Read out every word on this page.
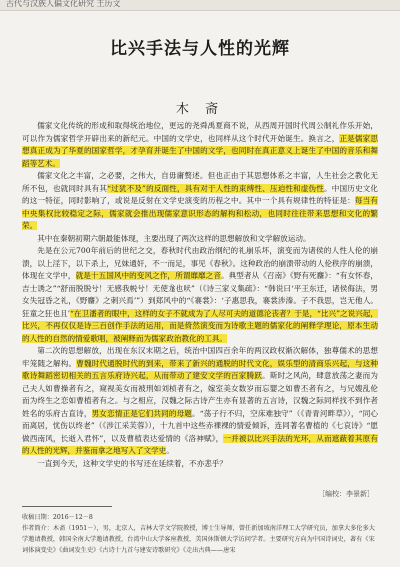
古代与汉族人偏文化研究 王历文
比兴手法与人性的光辉
木 斋

儒家文化传统的形成和取得统治地位，更远的尧舜禹夏商不说，从西周开国时代周公制礼作乐开始，可以作为儒家哲学开辟出来的新纪元。中国的文学史，也同样从这个时代开始诞生。换言之，正是儒家思想真正成为了华夏的国家哲学，才孕育并诞生了中国的文学，也同时在真正意义上诞生了中国的音乐和舞蹈等艺术。

儒家文化之丰富，之必要，之伟大，自毋庸赘述。但也正由于其思想体系之丰富，人生社会之教化无所不包，也就同时具有其“过犹不及”的反面性，具有对于人性的束缚性、压迫性和虚伪性。中国历史文化的这一特征，同时影响了，或说是反射在文学史演变的历程之中。其中一个具有规律性的特征是：每当有中央集权比较稳定之际，儒家就会推出现儒家意识形态的解构和松动，也同时往往带来思想和文化的繁荣。

其中在秦朝初期六朝最能体现，主要出现了两次这样的思想解放和文学解放运动。

先是在公元700年前后的世纪之交，春秋时代由政治纲纪的礼崩乐坏，演变而为诸侯的人性人伦的崩溃，以上淫下，以下杀上，兄妹通奸，不一而足，事见《春秋》。这种政治的崩溃带动的人伦秩序的崩溃，体现在文学中，就是十五国风中的变风之作，所谓靡靡之音。典型者从《召南》《野有死麕》：“有女怀春，吉士诱之”“舒而脱脱兮！无感我帨兮！无使尨也吠”（《诗三家义集疏》：“韩说曰‘平王东迁，诸侯侮法，男女失冠昏之礼，《野麕》之刺兴焉’”）到郑风中的“《褰裳》：‘子惠思我，褰裳涉溱。子不我思，岂无他人。狂童之狂也且’“在卫潘者的眼中，这样的女子不就成为了人尽可夫的道德沦丧者？于是，“比兴”之说兴起，比兴，不再仅仅是诗三百创作手法的运用，而是倚然演变而为诗歌主题的儒家化的阐释学理论，原本生动的人性的自然的情爱歌唱，被阐释而为儒家政治教化的工具。

第二次的思想解放，出现在东汉末期之后，统治中国四百余年的两汉政权渐次解体，独尊儒术的思想牢笼随之解构。曹魏时代通脱时代的到来，带来了新兴的通脱的时代文化，娱乐型的清商乐兴起，与这种歌诗舞蹈密切相关的五言乐府诗兴起，从而带动了建安文学的百家腾跃。斯时之风尚，肆意放荡之妻而为己夫人如曹操者有之，窥视美女而被刑如刘桢者有之，嫁室美女数岁而忘婴之如曹丕者有之，与兄嫂乱伦而为终生之恋如曹植者有之。与之相应，汉魏之际古诗产生亦有显著的五言诗，汉魏之际同样找不到作者姓名的乐府古直诗，男女恋情正是它们共同的母题。“荡子行不归，空床难独守”（《青青河畔草》），“同心而离居，忧伤以终老”（《涉江采芙蓉》），十九首中这些赤裸裸的情爱倾诉，连同著名曹植的《七哀诗》“愿做西南风，长逝入君怀”，以及曹植表达爱情的《洛神赋》，一并被以比兴手法的光环，从而遮蔽着其原有的人性的光辉，并鉴而拿之地写入了文学史。

一直到今天，这种文学史的书写还在延续着，不亦悲乎？

［编校：李景新］
收稿日期：2016－12－8
作者简介：木斋（1951－），男，北京人，吉林大学文学院教授，博士生导师，曾任新加坡南洋理工大学研究员，加拿大多伦多大学邀请教授，韩国全南大学邀请教授，台湾中山大学客座教授，美国休斯顿大学访问学者。主要研究方向为中国诗词史，著有《宋词体演变史》《曲词发生史》《古诗十九首与建安诗歌研究》《走出古典——唐宋
